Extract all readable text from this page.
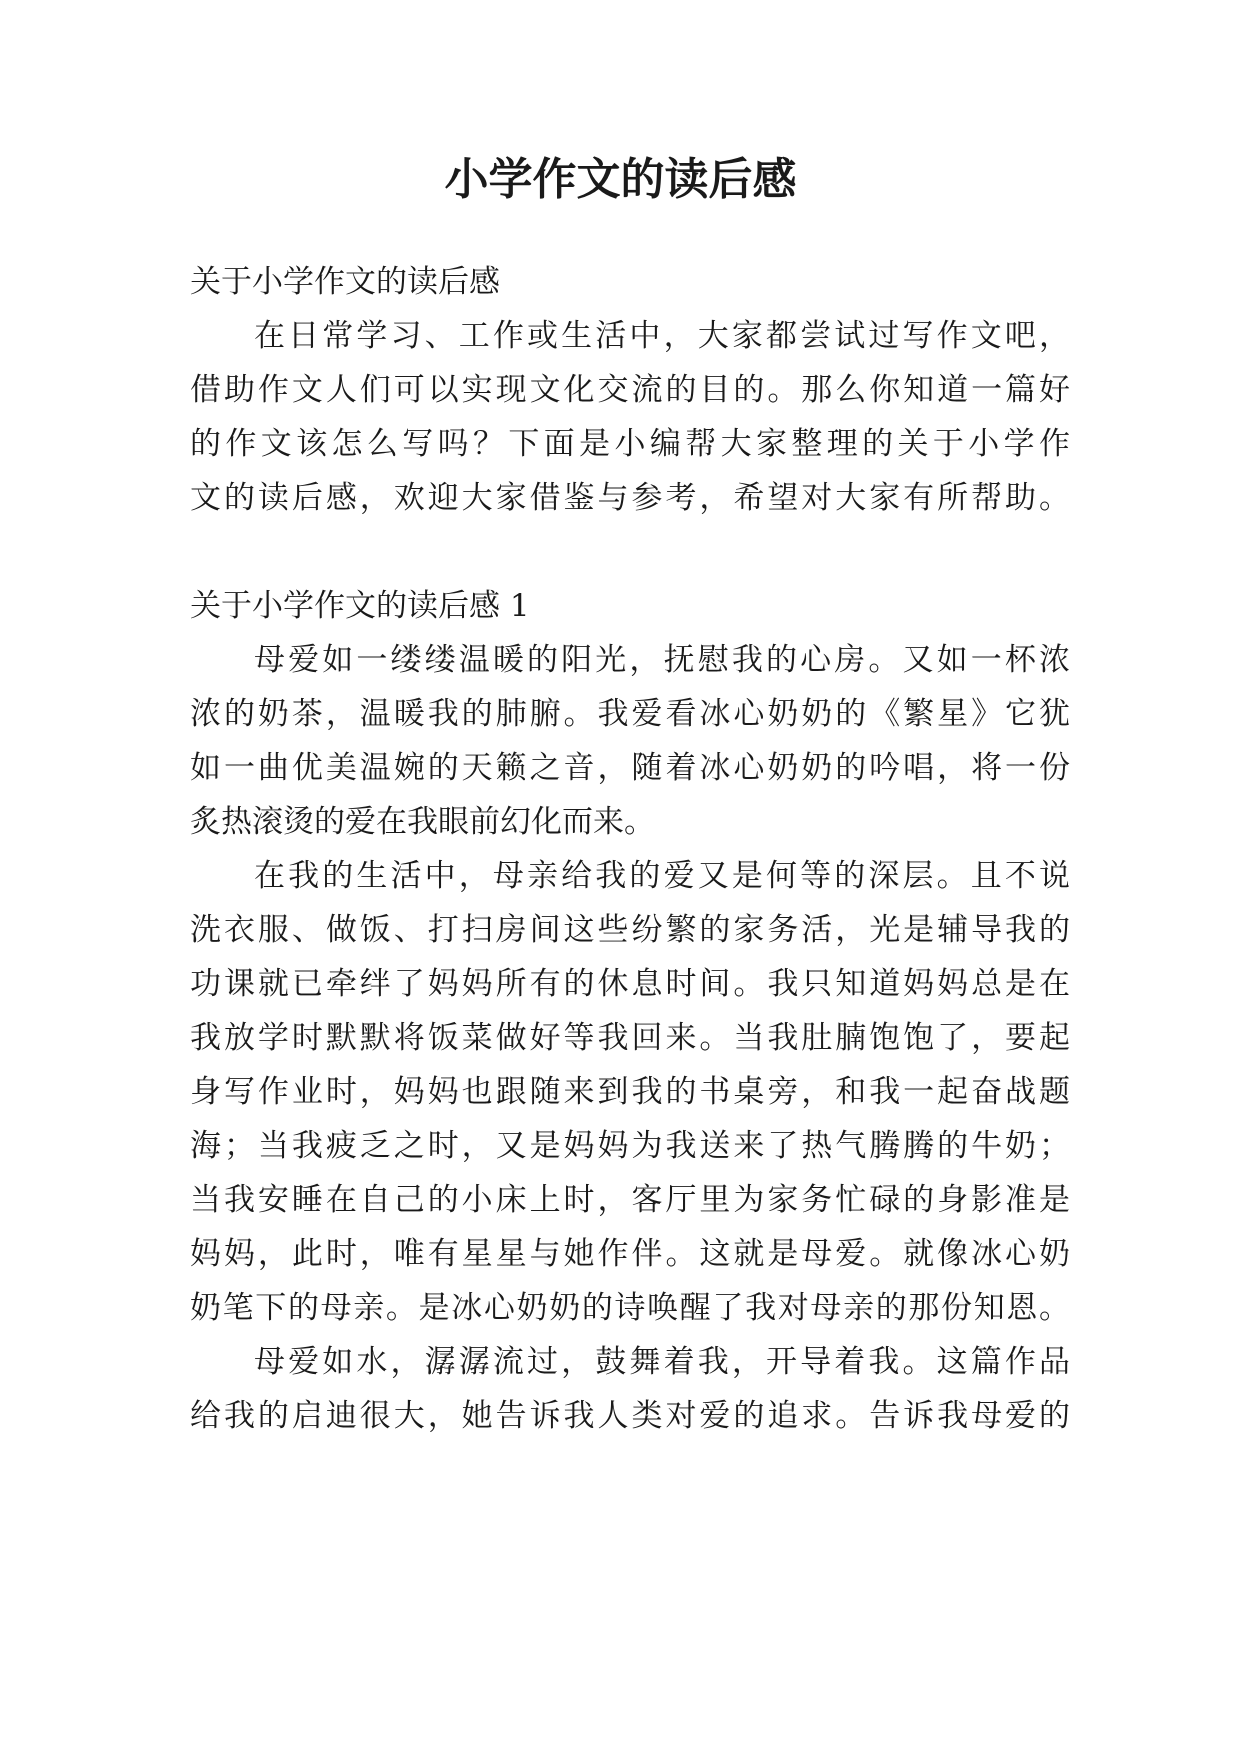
小学作文的读后感
关于小学作文的读后感
在日常学习、工作或生活中，大家都尝试过写作文吧，
借助作文人们可以实现文化交流的目的。那么你知道一篇好
的作文该怎么写吗？下面是小编帮大家整理的关于小学作
文的读后感，欢迎大家借鉴与参考，希望对大家有所帮助。
关于小学作文的读后感 1
母爱如一缕缕温暖的阳光，抚慰我的心房。又如一杯浓
浓的奶茶，温暖我的肺腑。我爱看冰心奶奶的《繁星》它犹
如一曲优美温婉的天籁之音，随着冰心奶奶的吟唱，将一份
炙热滚烫的爱在我眼前幻化而来。
在我的生活中，母亲给我的爱又是何等的深层。且不说
洗衣服、做饭、打扫房间这些纷繁的家务活，光是辅导我的
功课就已牵绊了妈妈所有的休息时间。我只知道妈妈总是在
我放学时默默将饭菜做好等我回来。当我肚腩饱饱了，要起
身写作业时，妈妈也跟随来到我的书桌旁，和我一起奋战题
海；当我疲乏之时，又是妈妈为我送来了热气腾腾的牛奶；
当我安睡在自己的小床上时，客厅里为家务忙碌的身影准是
妈妈，此时，唯有星星与她作伴。这就是母爱。就像冰心奶
奶笔下的母亲。是冰心奶奶的诗唤醒了我对母亲的那份知恩。
母爱如水，潺潺流过，鼓舞着我，开导着我。这篇作品
给我的启迪很大，她告诉我人类对爱的追求。告诉我母爱的
